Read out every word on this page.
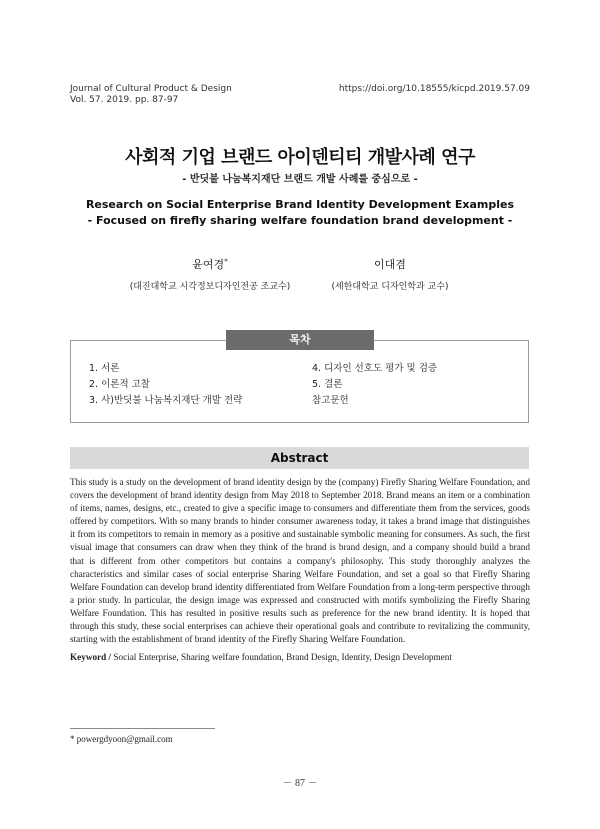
Journal of Cultural Product & Design
Vol. 57. 2019. pp. 87-97
https://doi.org/10.18555/kicpd.2019.57.09
사회적 기업 브랜드 아이덴티티 개발사례 연구
- 반딧불 나눔복지재단 브랜드 개발 사례를 중심으로 -
Research on Social Enterprise Brand Identity Development Examples
- Focused on firefly sharing welfare foundation brand development -
윤여경*
(대진대학교 시각정보디자인전공 조교수)
이대겸
(세한대학교 디자인학과 교수)
목차
1. 서론
2. 이론적 고찰
3. 사)반딧불 나눔복지재단 개발 전략
4. 디자인 선호도 평가 및 검증
5. 결론
참고문헌
Abstract
This study is a study on the development of brand identity design by the (company) Firefly Sharing Welfare Foundation, and covers the development of brand identity design from May 2018 to September 2018. Brand means an item or a combination of items, names, designs, etc., created to give a specific image to consumers and differentiate them from the services, goods offered by competitors. With so many brands to hinder consumer awareness today, it takes a brand image that distinguishes it from its competitors to remain in memory as a positive and sustainable symbolic meaning for consumers. As such, the first visual image that consumers can draw when they think of the brand is brand design, and a company should build a brand that is different from other competitors but contains a company's philosophy. This study thoroughly analyzes the characteristics and similar cases of social enterprise Sharing Welfare Foundation, and set a goal so that Firefly Sharing Welfare Foundation can develop brand identity differentiated from Welfare Foundation from a long-term perspective through a prior study. In particular, the design image was expressed and constructed with motifs symbolizing the Firefly Sharing Welfare Foundation. This has resulted in positive results such as preference for the new brand identity. It is hoped that through this study, these social enterprises can achieve their operational goals and contribute to revitalizing the community, starting with the establishment of brand identity of the Firefly Sharing Welfare Foundation.
Keyword / Social Enterprise, Sharing welfare foundation, Brand Design, Identity, Design Development
* powergdyoon@gmail.com
－ 87 －
